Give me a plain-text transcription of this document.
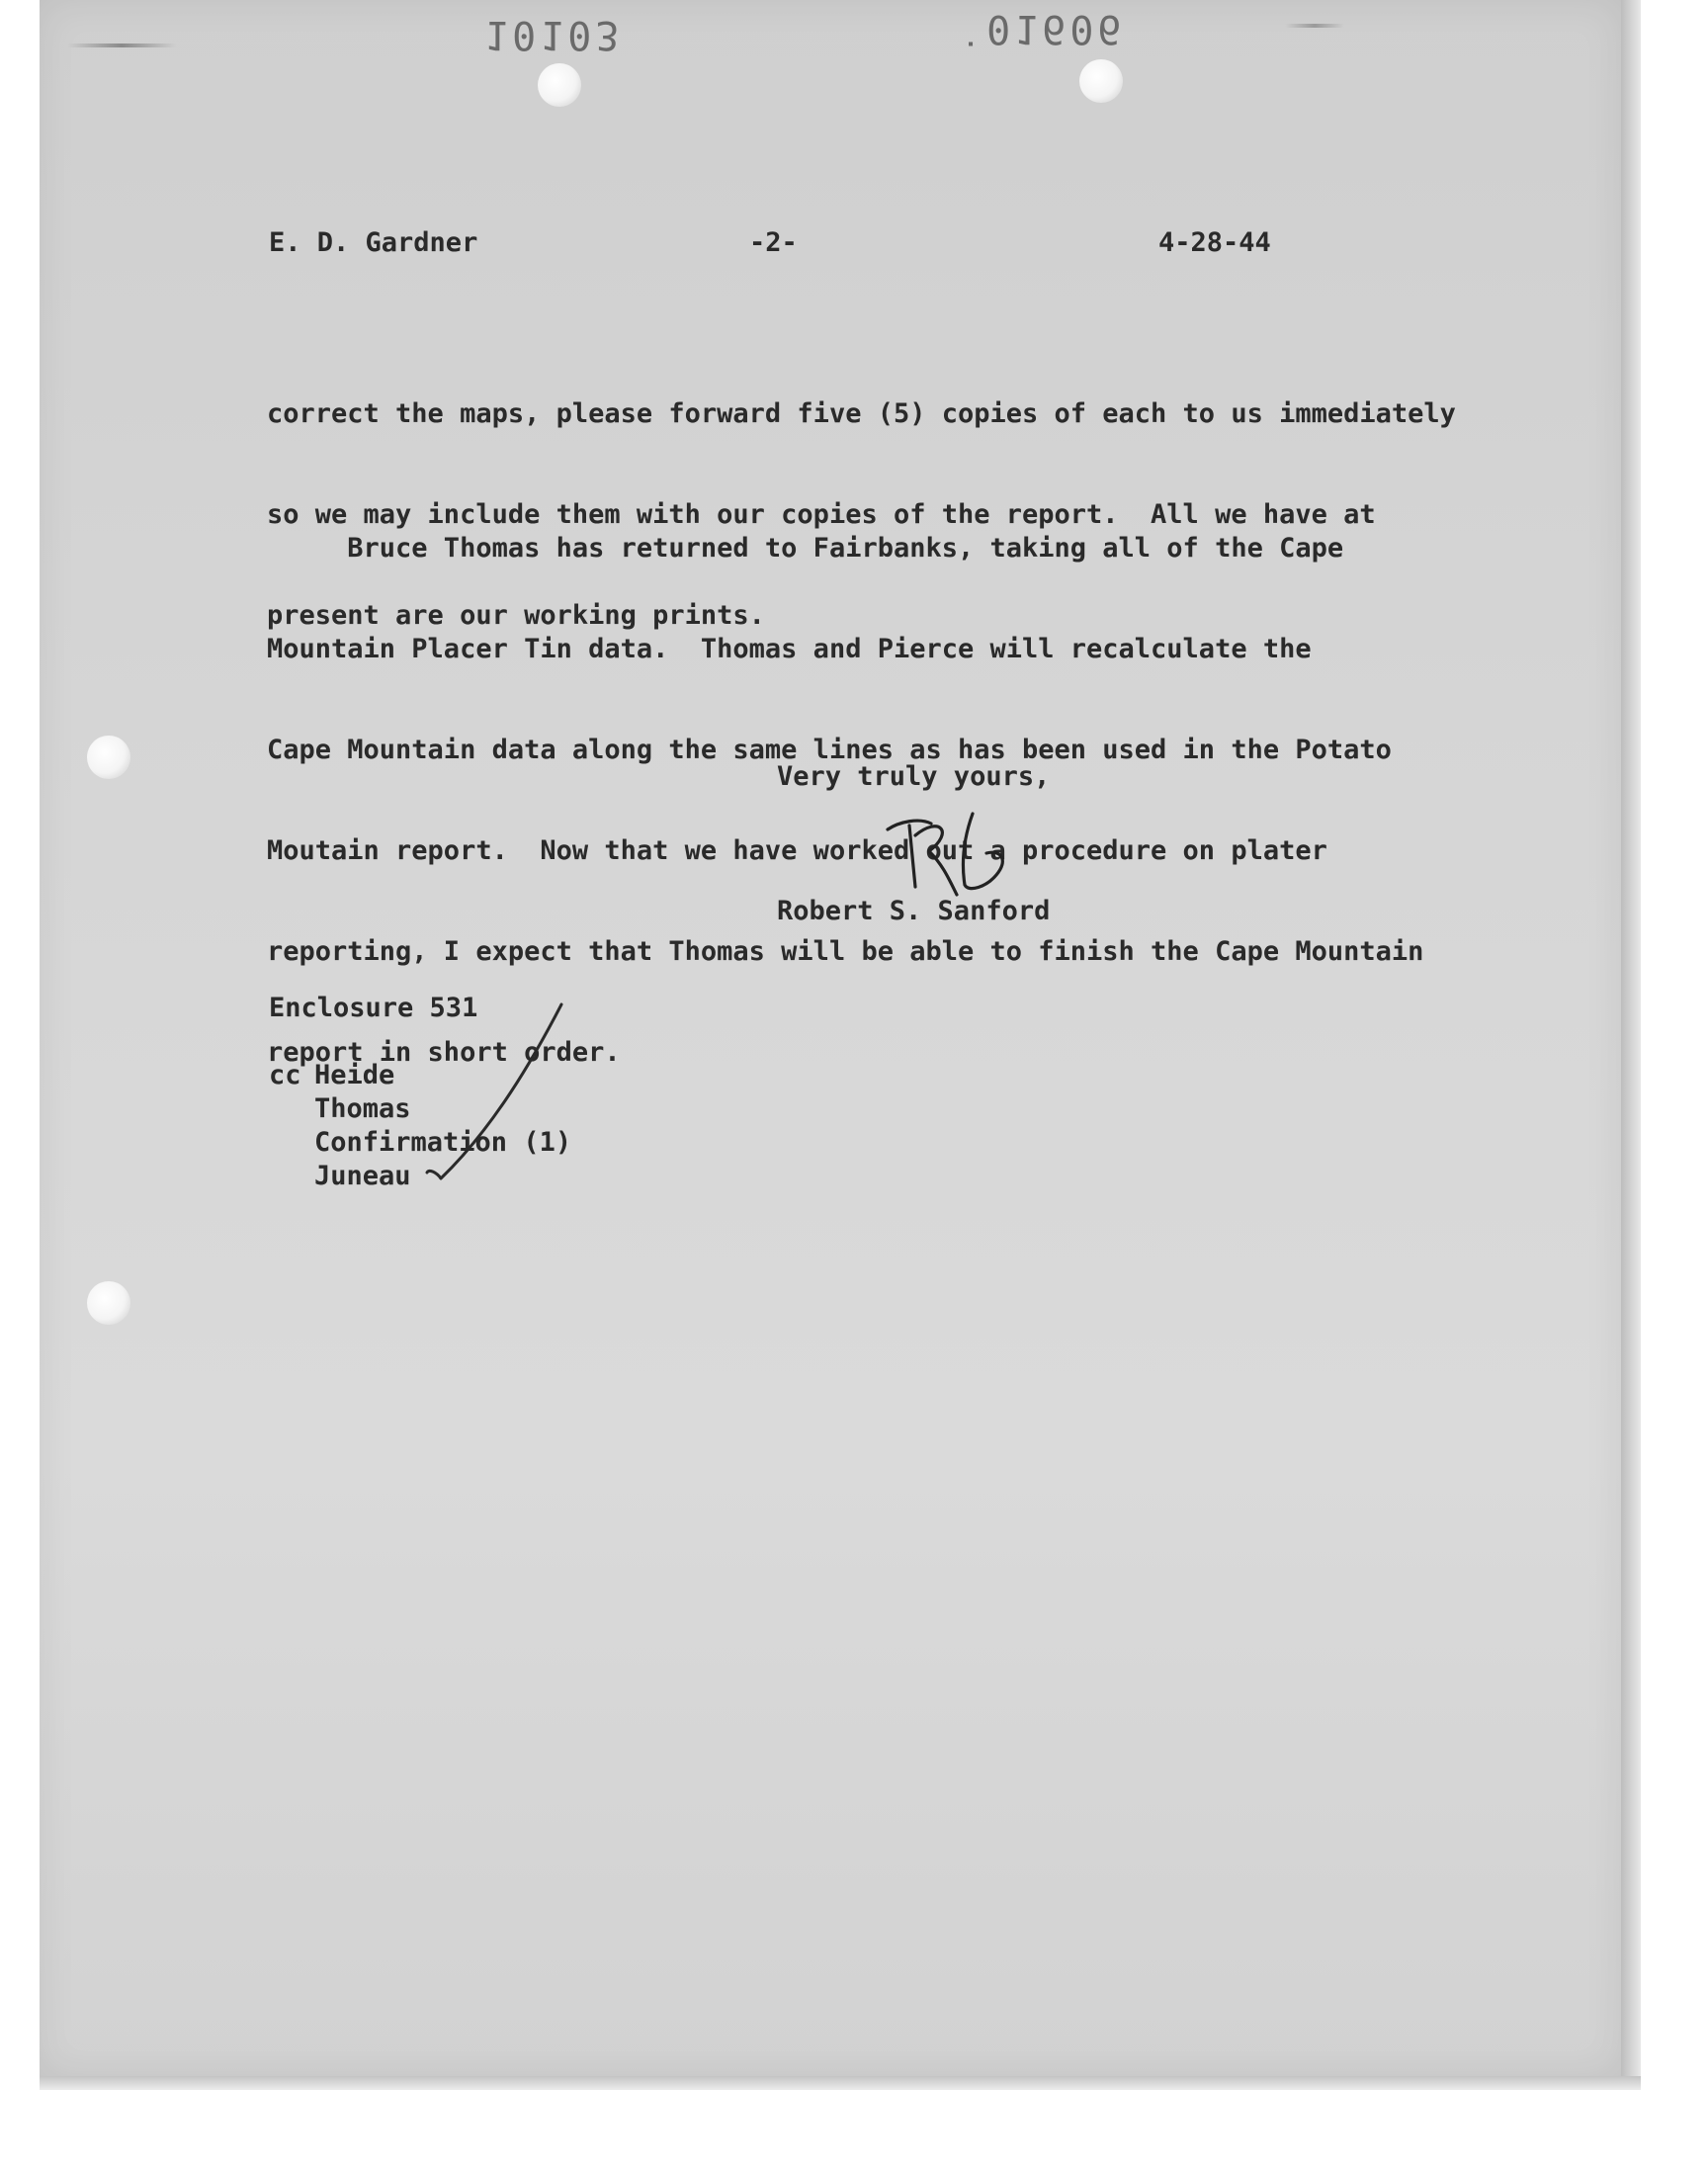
10103	˙01606
E. D. Gardner	-2-	4-28-44

correct the maps, please forward five (5) copies of each to us immediately

so we may include them with our copies of the report.  All we have at

present are our working prints.

Bruce Thomas has returned to Fairbanks, taking all of the Cape

Mountain Placer Tin data.  Thomas and Pierce will recalculate the

Cape Mountain data along the same lines as has been used in the Potato

Moutain report.  Now that we have worked out a procedure on plater

reporting, I expect that Thomas will be able to finish the Cape Mountain

report in short order.

Very truly yours,
Robert S. Sanford
Enclosure 531
cc Heide
Thomas
Confirmation (1)
Juneau
